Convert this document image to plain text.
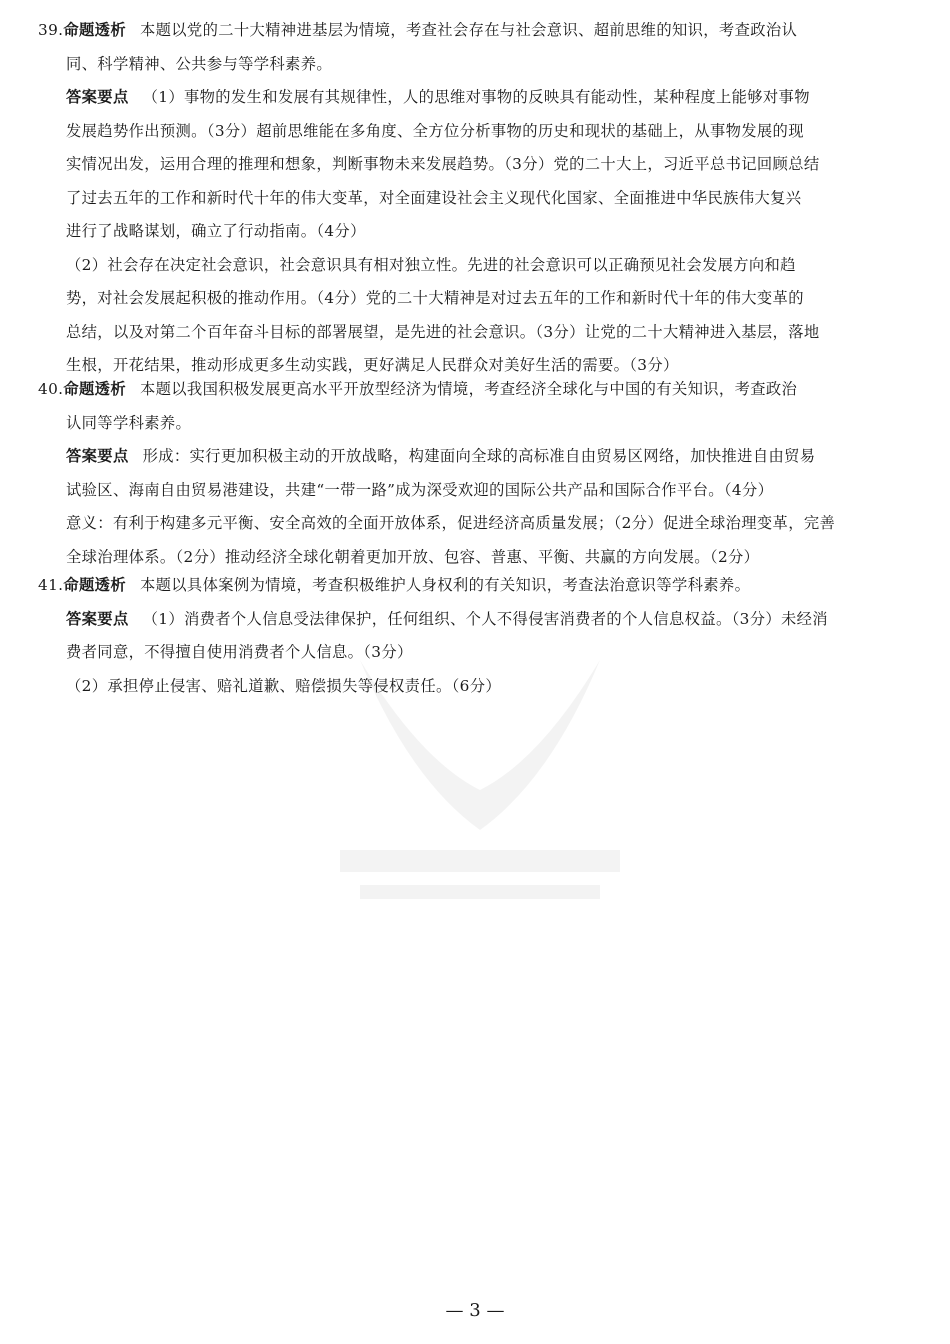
39.命题透析 本题以党的二十大精神进基层为情境，考查社会存在与社会意识、超前思维的知识，考查政治认
同、科学精神、公共参与等学科素养。
答案要点 （1）事物的发生和发展有其规律性，人的思维对事物的反映具有能动性，某种程度上能够对事物
发展趋势作出预测。（3分）超前思维能在多角度、全方位分析事物的历史和现状的基础上，从事物发展的现
实情况出发，运用合理的推理和想象，判断事物未来发展趋势。（3分）党的二十大上，习近平总书记回顾总结
了过去五年的工作和新时代十年的伟大变革，对全面建设社会主义现代化国家、全面推进中华民族伟大复兴
进行了战略谋划，确立了行动指南。（4分）
（2）社会存在决定社会意识，社会意识具有相对独立性。先进的社会意识可以正确预见社会发展方向和趋
势，对社会发展起积极的推动作用。（4分）党的二十大精神是对过去五年的工作和新时代十年的伟大变革的
总结，以及对第二个百年奋斗目标的部署展望，是先进的社会意识。（3分）让党的二十大精神进入基层，落地
生根，开花结果，推动形成更多生动实践，更好满足人民群众对美好生活的需要。（3分）
40.命题透析 本题以我国积极发展更高水平开放型经济为情境，考查经济全球化与中国的有关知识，考查政治
认同等学科素养。
答案要点 形成：实行更加积极主动的开放战略，构建面向全球的高标准自由贸易区网络，加快推进自由贸易
试验区、海南自由贸易港建设，共建“一带一路”成为深受欢迎的国际公共产品和国际合作平台。（4分）
意义：有利于构建多元平衡、安全高效的全面开放体系，促进经济高质量发展；（2分）促进全球治理变革，完善
全球治理体系。（2分）推动经济全球化朝着更加开放、包容、普惠、平衡、共赢的方向发展。（2分）
41.命题透析 本题以具体案例为情境，考查积极维护人身权利的有关知识，考查法治意识等学科素养。
答案要点 （1）消费者个人信息受法律保护，任何组织、个人不得侵害消费者的个人信息权益。（3分）未经消
费者同意，不得擅自使用消费者个人信息。（3分）
（2）承担停止侵害、赔礼道歉、赔偿损失等侵权责任。（6分）
— 3 —
